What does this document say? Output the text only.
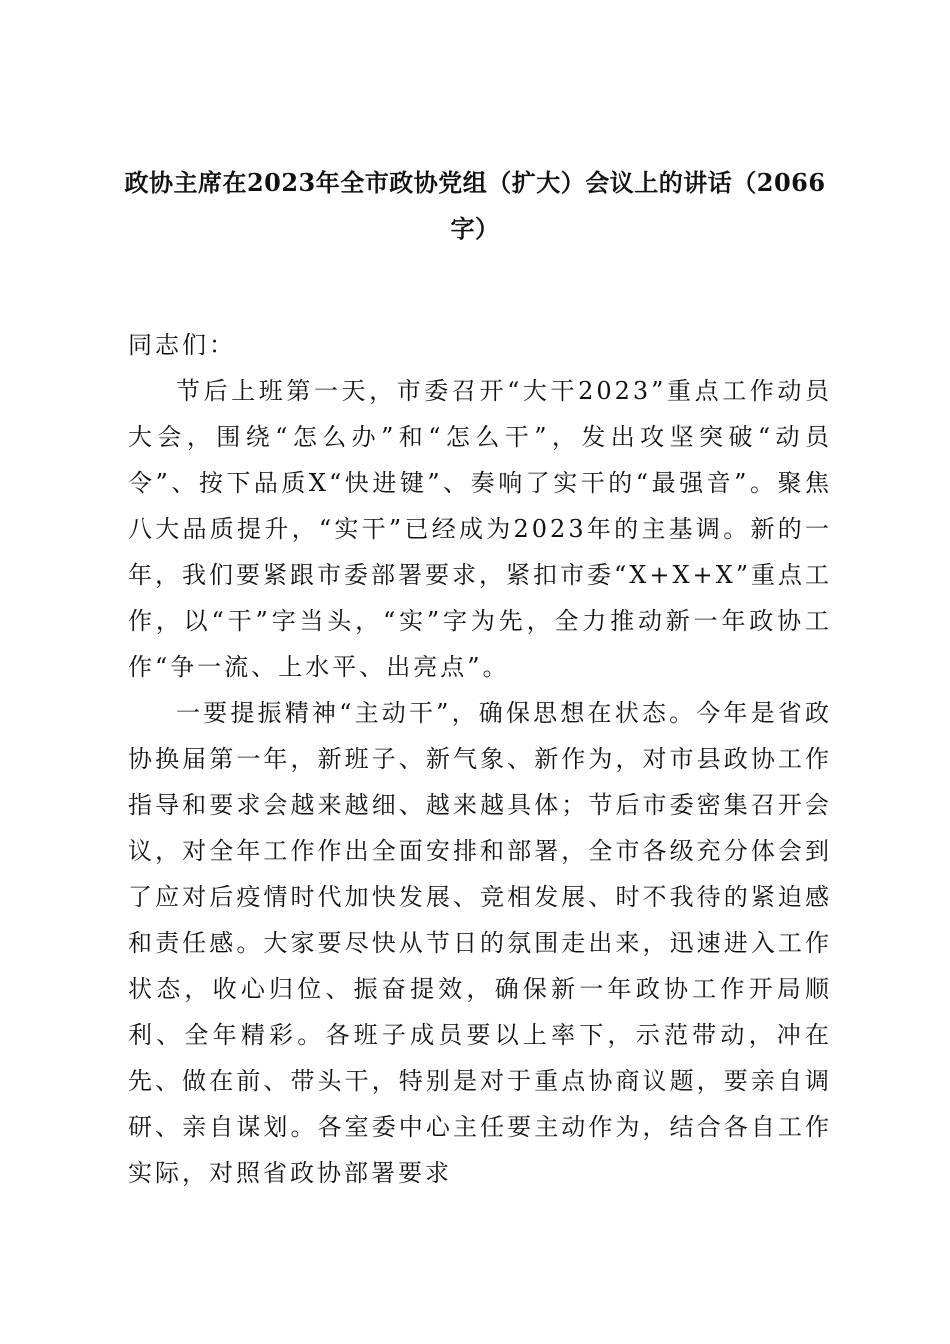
政协主席在2023年全市政协党组（扩大）会议上的讲话（2066字）

同志们：

节后上班第一天，市委召开“大干2023”重点工作动员大会，围绕“怎么办”和“怎么干”，发出攻坚突破“动员令”、按下品质X“快进键”、奏响了实干的“最强音”。聚焦八大品质提升，“实干”已经成为2023年的主基调。新的一年，我们要紧跟市委部署要求，紧扣市委“X+X+X”重点工作，以“干”字当头，“实”字为先，全力推动新一年政协工作“争一流、上水平、出亮点”。

一要提振精神“主动干”，确保思想在状态。今年是省政协换届第一年，新班子、新气象、新作为，对市县政协工作指导和要求会越来越细、越来越具体；节后市委密集召开会议，对全年工作作出全面安排和部署，全市各级充分体会到了应对后疫情时代加快发展、竞相发展、时不我待的紧迫感和责任感。大家要尽快从节日的氛围走出来，迅速进入工作状态，收心归位、振奋提效，确保新一年政协工作开局顺利、全年精彩。各班子成员要以上率下，示范带动，冲在先、做在前、带头干，特别是对于重点协商议题，要亲自调研、亲自谋划。各室委中心主任要主动作为，结合各自工作实际，对照省政协部署要求
